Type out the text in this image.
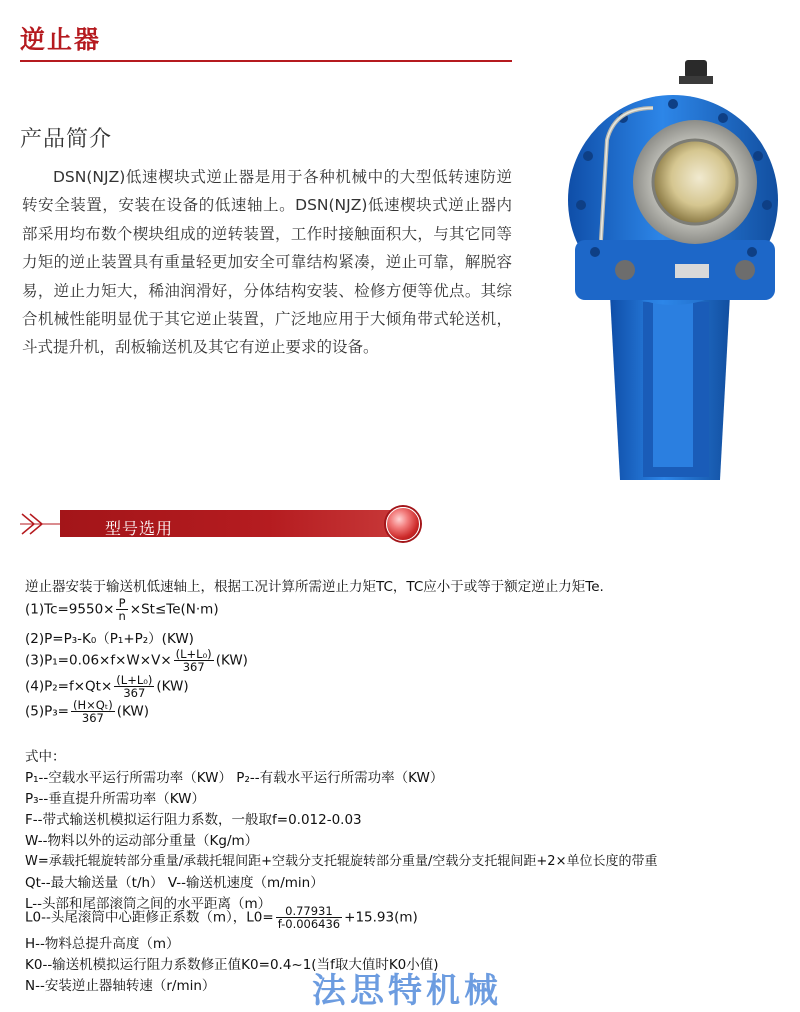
逆止器
产品简介
DSN(NJZ)低速楔块式逆止器是用于各种机械中的大型低转速防逆转安全装置，安装在设备的低速轴上。DSN(NJZ)低速楔块式逆止器内部采用均布数个楔块组成的逆转装置，工作时接触面积大，与其它同等力矩的逆止装置具有重量轻更加安全可靠结构紧凑，逆止可靠，解脱容易，逆止力矩大，稀油润滑好，分体结构安装、检修方便等优点。其综合机械性能明显优于其它逆止装置，广泛地应用于大倾角带式轮送机，斗式提升机，刮板输送机及其它有逆止要求的设备。
型号选用
逆止器安装于输送机低速轴上，根据工况计算所需逆止力矩TC，TC应小于或等于额定逆止力矩Te.
$(1)Tc=9550\times \frac{P}{n} \times St\le Te(N\cdot m)$
(2)P=P₃-K₀（P₁+P₂）(KW)
$(3)P_1=0.06\times f\times W\times V\times \frac{\text{(L+L₀)}}{367} (KW)$
$(4)P_2=f\times Qt\times \frac{\text{(L+L₀)}}{367} (KW)$
$(5)P_3= \frac{\text{(H×Qₜ)}}{367} (KW)$
式中：
P₁--空载水平运行所需功率（KW） P₂--有载水平运行所需功率（KW）
P₃--垂直提升所需功率（KW）
F--带式输送机模拟运行阻力系数，一般取f=0.012-0.03
W--物料以外的运动部分重量（Kg/m）
W=承载托辊旋转部分重量/承载托辊间距+空载分支托辊旋转部分重量/空载分支托辊间距+2×单位长度的带重
Qt--最大输送量（t/h） V--输送机速度（m/min）
L--头部和尾部滚筒之间的水平距离（m）
L0--头尾滚筒中心距修正系数（m），$L0= \frac{0.77931}{f-0.006436} +15.93(m)$
H--物料总提升高度（m）
K0--输送机模拟运行阻力系数修正值K0=0.4~1(当f取大值时K0小值)
N--安装逆止器轴转速（r/min）	法思特机械
